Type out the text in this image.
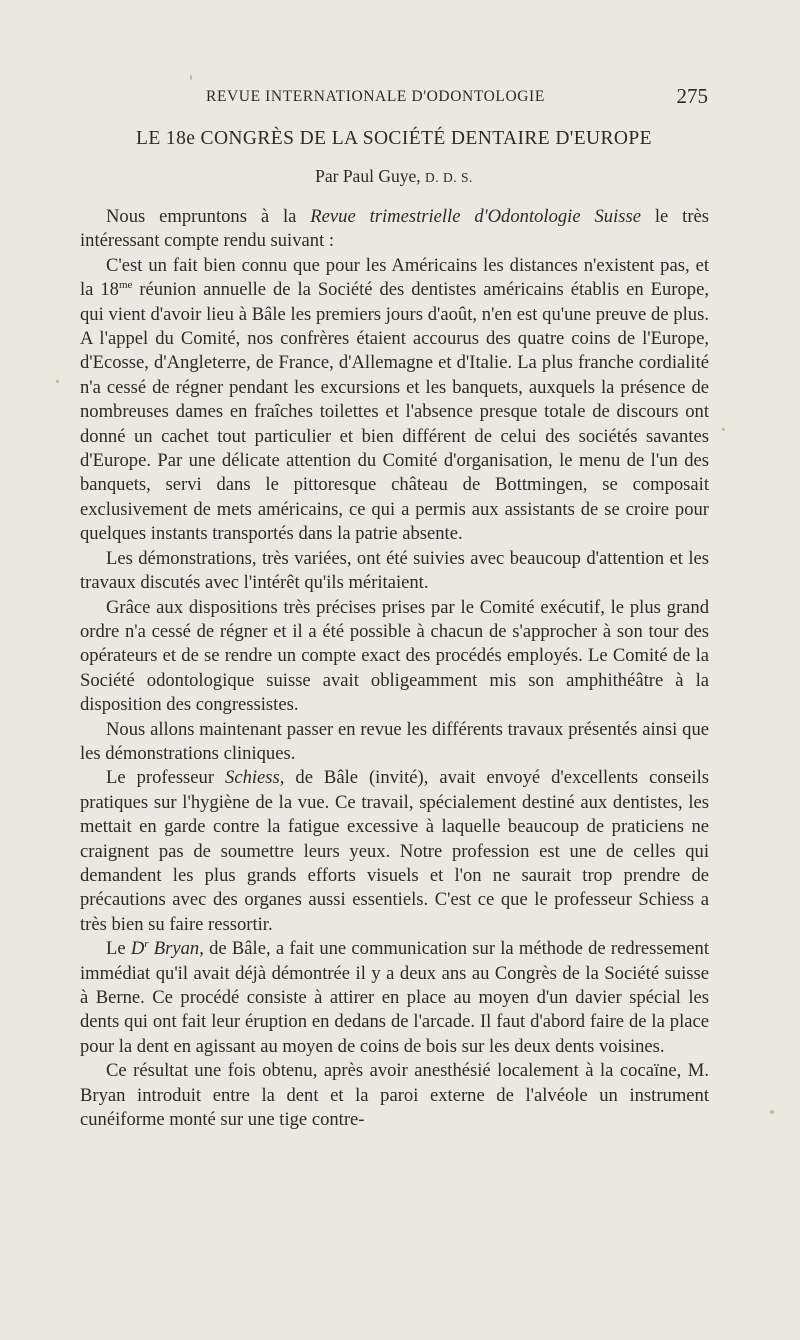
REVUE INTERNATIONALE D'ODONTOLOGIE	275
LE 18e CONGRÈS DE LA SOCIÉTÉ DENTAIRE D'EUROPE
Par Paul Guye, D. D. S.

Nous empruntons à la Revue trimestrielle d'Odontologie Suisse le très intéressant compte rendu suivant :

C'est un fait bien connu que pour les Américains les distances n'existent pas, et la $18^{me}$ réunion annuelle de la Société des dentistes américains établis en Europe, qui vient d'avoir lieu à Bâle les premiers jours d'août, n'en est qu'une preuve de plus. A l'appel du Comité, nos confrères étaient accourus des quatre coins de l'Europe, d'Ecosse, d'Angleterre, de France, d'Allemagne et d'Italie. La plus franche cordialité n'a cessé de régner pendant les excursions et les banquets, auxquels la présence de nombreuses dames en fraîches toilettes et l'absence presque totale de discours ont donné un cachet tout particulier et bien différent de celui des sociétés savantes d'Europe. Par une délicate attention du Comité d'organisation, le menu de l'un des banquets, servi dans le pittoresque château de Bottmingen, se composait exclusivement de mets américains, ce qui a permis aux assistants de se croire pour quelques instants transportés dans la patrie absente.

Les démonstrations, très variées, ont été suivies avec beaucoup d'attention et les travaux discutés avec l'intérêt qu'ils méritaient.

Grâce aux dispositions très précises prises par le Comité exécutif, le plus grand ordre n'a cessé de régner et il a été possible à chacun de s'approcher à son tour des opérateurs et de se rendre un compte exact des procédés employés. Le Comité de la Société odontologique suisse avait obligeamment mis son amphithéâtre à la disposition des congressistes.

Nous allons maintenant passer en revue les différents travaux présentés ainsi que les démonstrations cliniques.

Le professeur Schiess, de Bâle (invité), avait envoyé d'excellents conseils pratiques sur l'hygiène de la vue. Ce travail, spécialement destiné aux dentistes, les mettait en garde contre la fatigue excessive à laquelle beaucoup de praticiens ne craignent pas de soumettre leurs yeux. Notre profession est une de celles qui demandent les plus grands efforts visuels et l'on ne saurait trop prendre de précautions avec des organes aussi essentiels. C'est ce que le professeur Schiess a très bien su faire ressortir.

Le $D^r$ Bryan, de Bâle, a fait une communication sur la méthode de redressement immédiat qu'il avait déjà démontrée il y a deux ans au Congrès de la Société suisse à Berne. Ce procédé consiste à attirer en place au moyen d'un davier spécial les dents qui ont fait leur éruption en dedans de l'arcade. Il faut d'abord faire de la place pour la dent en agissant au moyen de coins de bois sur les deux dents voisines.

Ce résultat une fois obtenu, après avoir anesthésié localement à la cocaïne, M. Bryan introduit entre la dent et la paroi externe de l'alvéole un instrument cunéiforme monté sur une tige contre-
